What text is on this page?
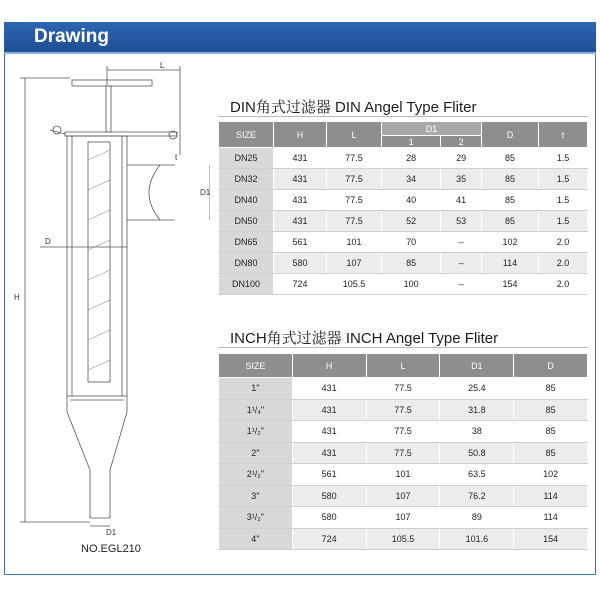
Drawing
L
H
D
D1
D1
t
NO.EGL210
DIN角式过滤器 DIN Angel Type Fliter
SIZE	H	L	D1		D	t
			1	2		
DN25	431	77.5	28	29	85	1.5
DN32	431	77.5	34	35	85	1.5
DN40	431	77.5	40	41	85	1.5
DN50	431	77.5	52	53	85	1.5
DN65	561	101	70	–	102	2.0
DN80	580	107	85	–	114	2.0
DN100	724	105.5	100	–	154	2.0
INCH角式过滤器 INCH Angel Type Fliter
SIZE	H	L	D1	D
1"	431	77.5	25.4	85
1¹/₄"	431	77.5	31.8	85
1¹/₂"	431	77.5	38	85
2"	431	77.5	50.8	85
2¹/₂"	561	101	63.5	102
3"	580	107	76.2	114
3¹/₂"	580	107	89	114
4"	724	105.5	101.6	154
